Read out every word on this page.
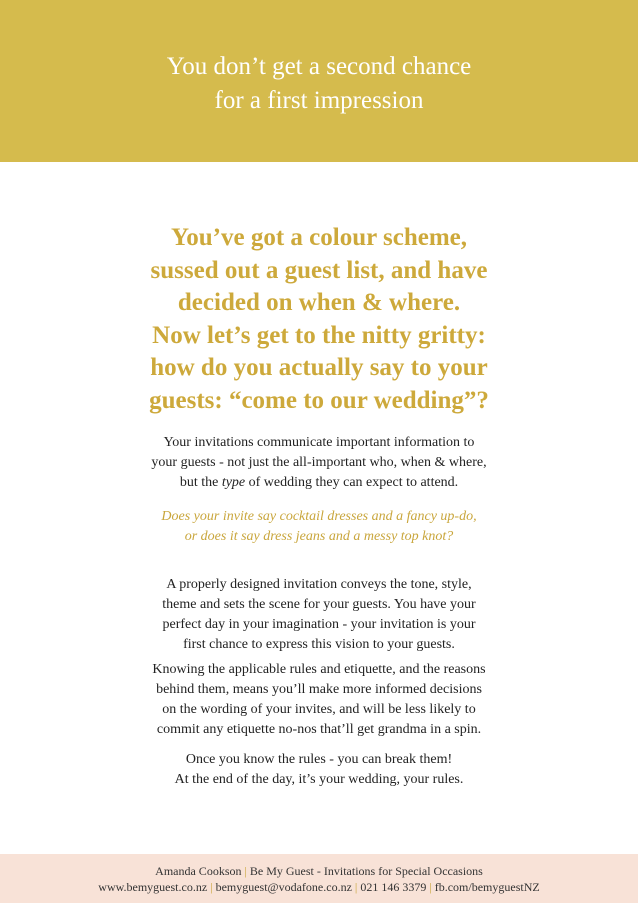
You don’t get a second chance
for a first impression
You’ve got a colour scheme,
sussed out a guest list, and have
decided on when & where.
Now let’s get to the nitty gritty:
how do you actually say to your
guests: “come to our wedding”?
Your invitations communicate important information to
your guests - not just the all-important who, when & where,
but the type of wedding they can expect to attend.
Does your invite say cocktail dresses and a fancy up-do,
or does it say dress jeans and a messy top knot?
A properly designed invitation conveys the tone, style,
theme and sets the scene for your guests. You have your
perfect day in your imagination - your invitation is your
first chance to express this vision to your guests.
Knowing the applicable rules and etiquette, and the reasons
behind them, means you’ll make more informed decisions
on the wording of your invites, and will be less likely to
commit any etiquette no-nos that’ll get grandma in a spin.
Once you know the rules - you can break them!
At the end of the day, it’s your wedding, your rules.
Amanda Cookson | Be My Guest - Invitations for Special Occasions
www.bemyguest.co.nz | bemyguest@vodafone.co.nz | 021 146 3379 | fb.com/bemyguestNZ
